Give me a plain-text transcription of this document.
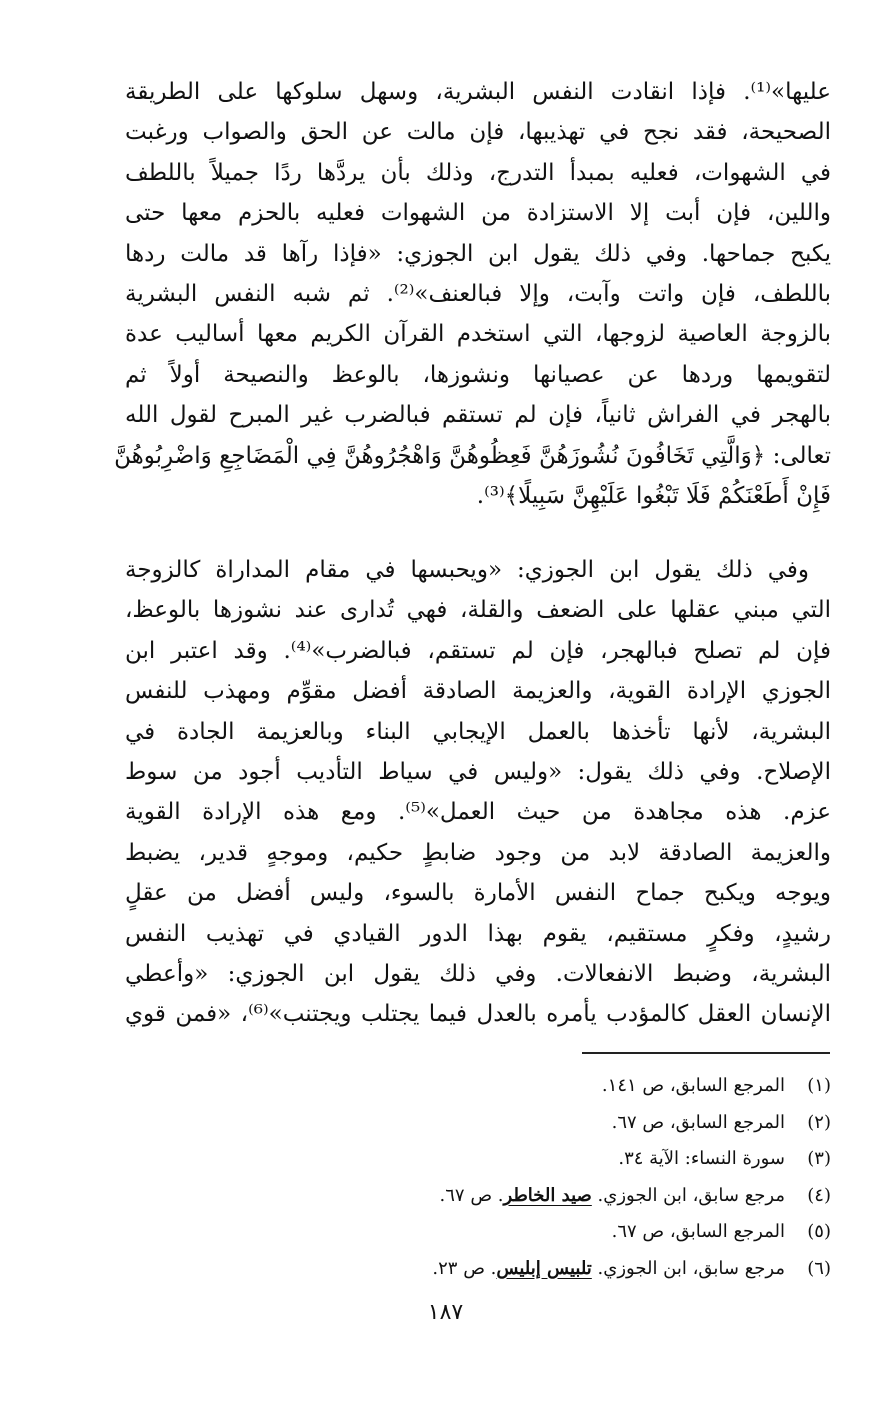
عليها»⁽¹⁾. فإذا انقادت النفس البشرية، وسهل سلوكها على الطريقة
الصحيحة، فقد نجح في تهذيبها، فإن مالت عن الحق والصواب ورغبت
في الشهوات، فعليه بمبدأ التدرج، وذلك بأن يردَّها ردًا جميلاً باللطف
واللين، فإن أبت إلا الاستزادة من الشهوات فعليه بالحزم معها حتى
يكبح جماحها. وفي ذلك يقول ابن الجوزي: «فإذا رآها قد مالت ردها
باللطف، فإن واتت وآبت، وإلا فبالعنف»⁽²⁾. ثم شبه النفس البشرية
بالزوجة العاصية لزوجها، التي استخدم القرآن الكريم معها أساليب عدة
لتقويمها وردها عن عصيانها ونشوزها، بالوعظ والنصيحة أولاً ثم
بالهجر في الفراش ثانياً، فإن لم تستقم فبالضرب غير المبرح لقول الله
تعالى: ﴿وَالَّتِي تَخَافُونَ نُشُوزَهُنَّ فَعِظُوهُنَّ وَاهْجُرُوهُنَّ فِي الْمَضَاجِعِ وَاضْرِبُوهُنَّ
فَإِنْ أَطَعْنَكُمْ فَلَا تَبْغُوا عَلَيْهِنَّ سَبِيلًا﴾⁽³⁾.
وفي ذلك يقول ابن الجوزي: «ويحبسها في مقام المداراة كالزوجة
التي مبني عقلها على الضعف والقلة، فهي تُدارى عند نشوزها بالوعظ،
فإن لم تصلح فبالهجر، فإن لم تستقم، فبالضرب»⁽⁴⁾. وقد اعتبر ابن
الجوزي الإرادة القوية، والعزيمة الصادقة أفضل مقوِّم ومهذب للنفس
البشرية، لأنها تأخذها بالعمل الإيجابي البناء وبالعزيمة الجادة في
الإصلاح. وفي ذلك يقول: «وليس في سياط التأديب أجود من سوط
عزم. هذه مجاهدة من حيث العمل»⁽⁵⁾. ومع هذه الإرادة القوية
والعزيمة الصادقة لابد من وجود ضابطٍ حكيم، وموجهٍ قدير، يضبط
ويوجه ويكبح جماح النفس الأمارة بالسوء، وليس أفضل من عقلٍ
رشيدٍ، وفكرٍ مستقيم، يقوم بهذا الدور القيادي في تهذيب النفس
البشرية، وضبط الانفعالات. وفي ذلك يقول ابن الجوزي: «وأعطي
الإنسان العقل كالمؤدب يأمره بالعدل فيما يجتلب ويجتنب»⁽⁶⁾، «فمن قوي
(١)المرجع السابق، ص ١٤١.
(٢)المرجع السابق، ص ٦٧.
(٣)سورة النساء: الآية ٣٤.
(٤)مرجع سابق، ابن الجوزي. صيد الخاطر. ص ٦٧.
(٥)المرجع السابق، ص ٦٧.
(٦)مرجع سابق، ابن الجوزي. تلبيس إبليس. ص ٢٣.
١٨٧
